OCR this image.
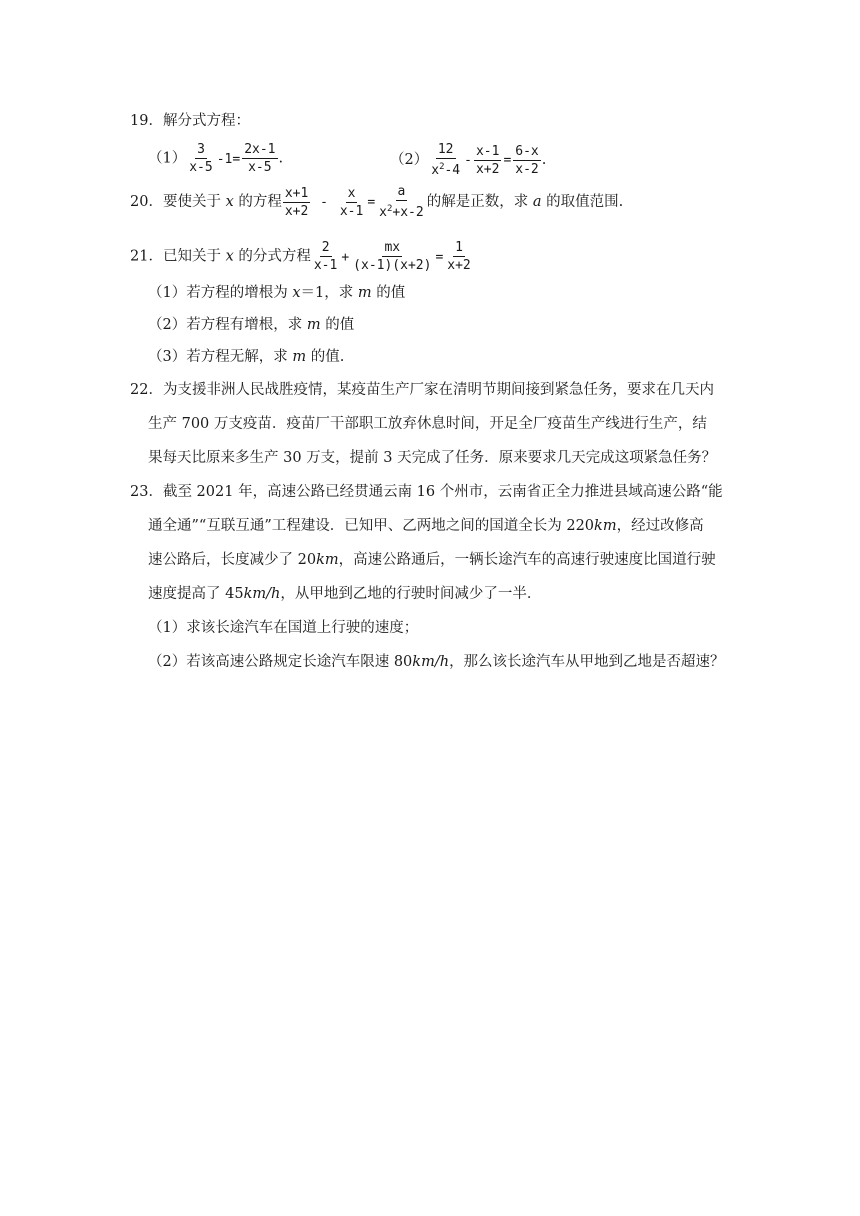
19．解分式方程：
$(1) \frac{3}{x-5} -1= \frac{2x-1}{x-5}$ .	$(2) \frac{12}{x^2-4} - \frac{x-1}{x+2} = \frac{6-x}{x-2}$ .
20．要使关于 x 的方程 $\frac{x+1}{x+2} - \frac{x}{x-1} = \frac{a}{x^2+x-2}$ 的解是正数，求 a 的取值范围.
21．已知关于 x 的分式方程 $\frac{2}{x-1} + \frac{mx}{(x-1)(x+2)} = \frac{1}{x+2}$
（1）若方程的增根为 x＝1，求 m 的值
（2）若方程有增根，求 m 的值
（3）若方程无解，求 m 的值.
22．为支援非洲人民战胜疫情，某疫苗生产厂家在清明节期间接到紧急任务，要求在几天内
生产 700 万支疫苗．疫苗厂干部职工放弃休息时间，开足全厂疫苗生产线进行生产，结
果每天比原来多生产 30 万支，提前 3 天完成了任务．原来要求几天完成这项紧急任务？
23．截至 2021 年，高速公路已经贯通云南 16 个州市，云南省正全力推进县域高速公路“能
通全通”“互联互通”工程建设．已知甲、乙两地之间的国道全长为 220km，经过改修高
速公路后，长度减少了 20km，高速公路通后，一辆长途汽车的高速行驶速度比国道行驶
速度提高了 45km/h，从甲地到乙地的行驶时间减少了一半．
（1）求该长途汽车在国道上行驶的速度；
（2）若该高速公路规定长途汽车限速 80km/h，那么该长途汽车从甲地到乙地是否超速？
